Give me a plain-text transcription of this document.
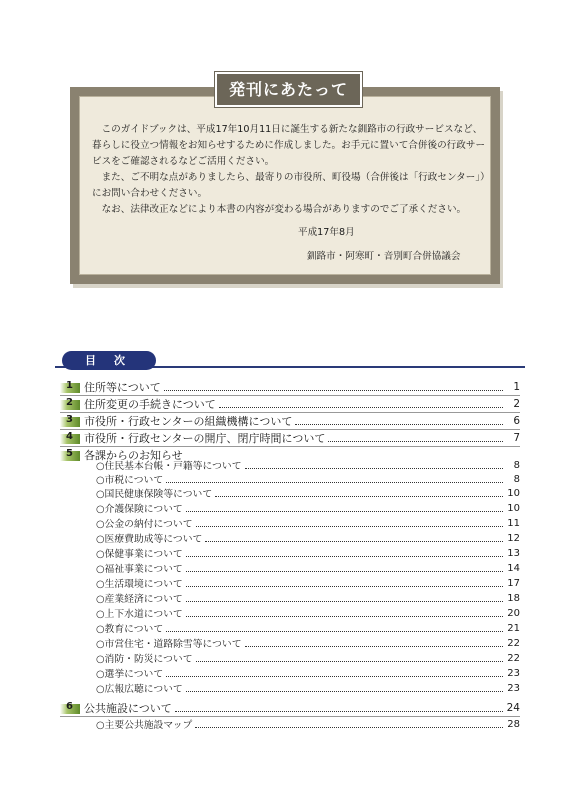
発刊にあたって

このガイドブックは、平成17年10月11日に誕生する新たな釧路市の行政サービスなど、暮らしに役立つ情報をお知らせするために作成しました。お手元に置いて合併後の行政サービスをご確認されるなどご活用ください。

また、ご不明な点がありましたら、最寄りの市役所、町役場（合併後は「行政センター」）にお問い合わせください。

なお、法律改正などにより本書の内容が変わる場合がありますのでご了承ください。

平成17年8月
釧路市・阿寒町・音別町合併協議会
目次
1 住所等について	1
2 住所変更の手続きについて	2
3 市役所・行政センターの組織機構について	6
4 市役所・行政センターの開庁、閉庁時間について	7
5 各課からのお知らせ
○住民基本台帳・戸籍等について	8
○市税について	8
○国民健康保険等について	10
○介護保険について	10
○公金の納付について	11
○医療費助成等について	12
○保健事業について	13
○福祉事業について	14
○生活環境について	17
○産業経済について	18
○上下水道について	20
○教育について	21
○市営住宅・道路除雪等について	22
○消防・防災について	22
○選挙について	23
○広報広聴について	23
6 公共施設について	24
○主要公共施設マップ	28
